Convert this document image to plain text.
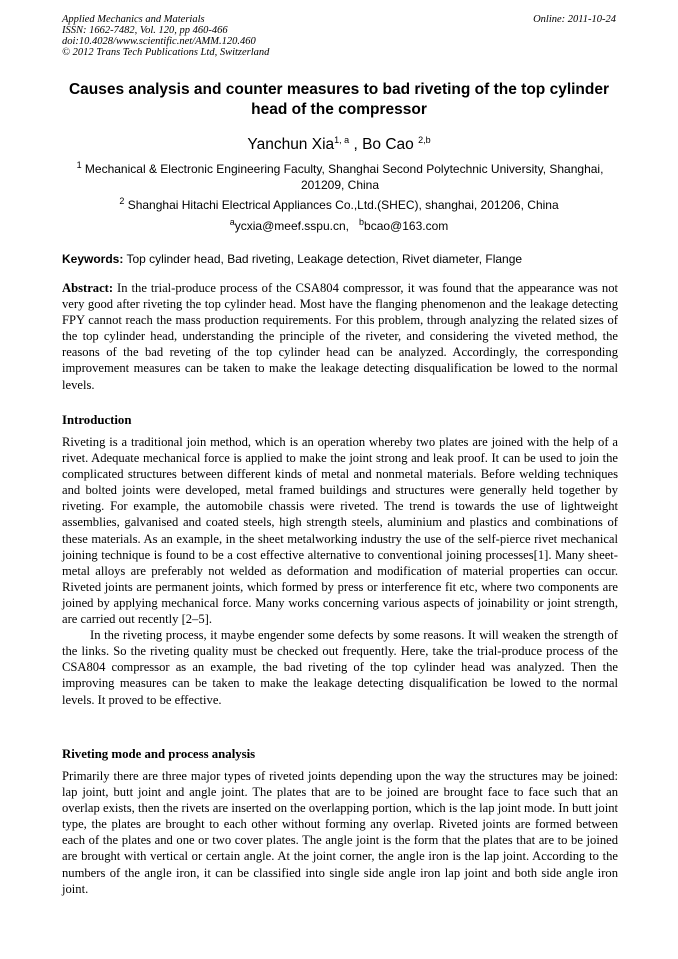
Applied Mechanics and Materials
ISSN: 1662-7482, Vol. 120, pp 460-466
doi:10.4028/www.scientific.net/AMM.120.460
© 2012 Trans Tech Publications Ltd, Switzerland
Online: 2011-10-24
Causes analysis and counter measures to bad riveting of the top cylinder head of the compressor
Yanchun Xia$^{1, a}$ , Bo Cao $^{2,b}$
$^1$ Mechanical & Electronic Engineering Faculty, Shanghai Second Polytechnic University, Shanghai, 201209, China
$^2$ Shanghai Hitachi Electrical Appliances Co.,Ltd.(SHEC), shanghai, 201206, China
$^a$ycxia@meef.sspu.cn, $^b$bcao@163.com
Keywords: Top cylinder head, Bad riveting, Leakage detection, Rivet diameter, Flange
Abstract: In the trial-produce process of the CSA804 compressor, it was found that the appearance was not very good after riveting the top cylinder head. Most have the flanging phenomenon and the leakage detecting FPY cannot reach the mass production requirements. For this problem, through analyzing the related sizes of the top cylinder head, understanding the principle of the riveter, and considering the viveted method, the reasons of the bad reveting of the top cylinder head can be analyzed. Accordingly, the corresponding improvement measures can be taken to make the leakage detecting disqualification be lowed to the normal levels.
Introduction

Riveting is a traditional join method, which is an operation whereby two plates are joined with the help of a rivet. Adequate mechanical force is applied to make the joint strong and leak proof. It can be used to join the complicated structures between different kinds of metal and nonmetal materials. Before welding techniques and bolted joints were developed, metal framed buildings and structures were generally held together by riveting. For example, the automobile chassis were riveted. The trend is towards the use of lightweight assemblies, galvanised and coated steels, high strength steels, aluminium and plastics and combinations of these materials. As an example, in the sheet metalworking industry the use of the self-pierce rivet mechanical joining technique is found to be a cost effective alternative to conventional joining processes[1]. Many sheet-metal alloys are preferably not welded as deformation and modification of material properties can occur. Riveted joints are permanent joints, which formed by press or interference fit etc, where two components are joined by applying mechanical force. Many works concerning various aspects of joinability or joint strength, are carried out recently [2–5].

In the riveting process, it maybe engender some defects by some reasons. It will weaken the strength of the links. So the riveting quality must be checked out frequently. Here, take the trial-produce process of the CSA804 compressor as an example, the bad riveting of the top cylinder head was analyzed. Then the improving measures can be taken to make the leakage detecting disqualification be lowed to the normal levels. It proved to be effective.

Riveting mode and process analysis

Primarily there are three major types of riveted joints depending upon the way the structures may be joined: lap joint, butt joint and angle joint. The plates that are to be joined are brought face to face such that an overlap exists, then the rivets are inserted on the overlapping portion, which is the lap joint mode. In butt joint type, the plates are brought to each other without forming any overlap. Riveted joints are formed between each of the plates and one or two cover plates. The angle joint is the form that the plates that are to be joined are brought with vertical or certain angle. At the joint corner, the angle iron is the lap joint. According to the numbers of the angle iron, it can be classified into single side angle iron lap joint and both side angle iron joint.
